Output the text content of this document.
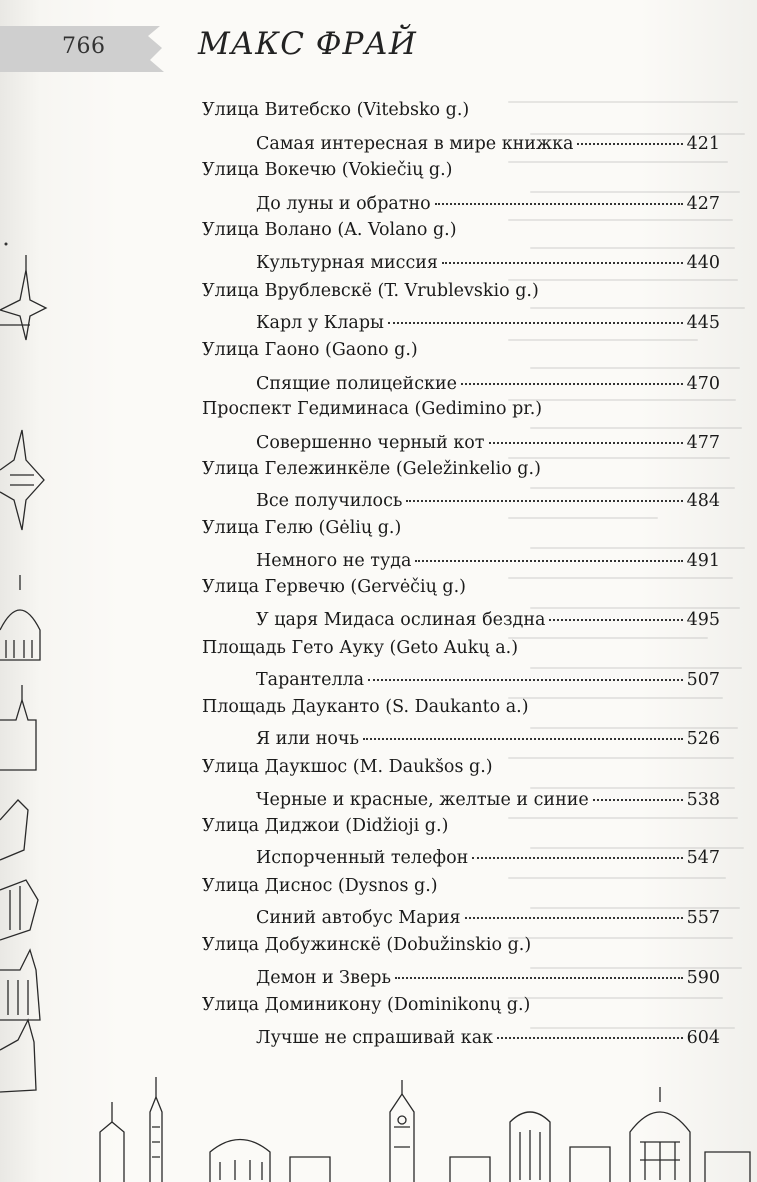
766	МАКС ФРАЙ
Улица Витебско (Vitebsko g.)
Самая интересная в мире книжка	421
Улица Вокечю (Vokiečių g.)
До луны и обратно	427
Улица Волано (A. Volano g.)
Культурная миссия	440
Улица Врублевскё (T. Vrublevskio g.)
Карл у Клары	445
Улица Гаоно (Gaono g.)
Спящие полицейские	470
Проспект Гедиминаса (Gedimino pr.)
Совершенно черный кот	477
Улица Гележинкёле (Geležinkelio g.)
Все получилось	484
Улица Гелю (Gėlių g.)
Немного не туда	491
Улица Гервечю (Gervėčių g.)
У царя Мидаса ослиная бездна	495
Площадь Гето Ауку (Geto Aukų a.)
Тарантелла	507
Площадь Дауканто (S. Daukanto a.)
Я или ночь	526
Улица Даукшос (M. Daukšos g.)
Черные и красные, желтые и синие	538
Улица Диджои (Didžioji g.)
Испорченный телефон	547
Улица Диснос (Dysnos g.)
Синий автобус Мария	557
Улица Добужинскё (Dobužinskio g.)
Демон и Зверь	590
Улица Доминикону (Dominikonų g.)
Лучше не спрашивай как	604
